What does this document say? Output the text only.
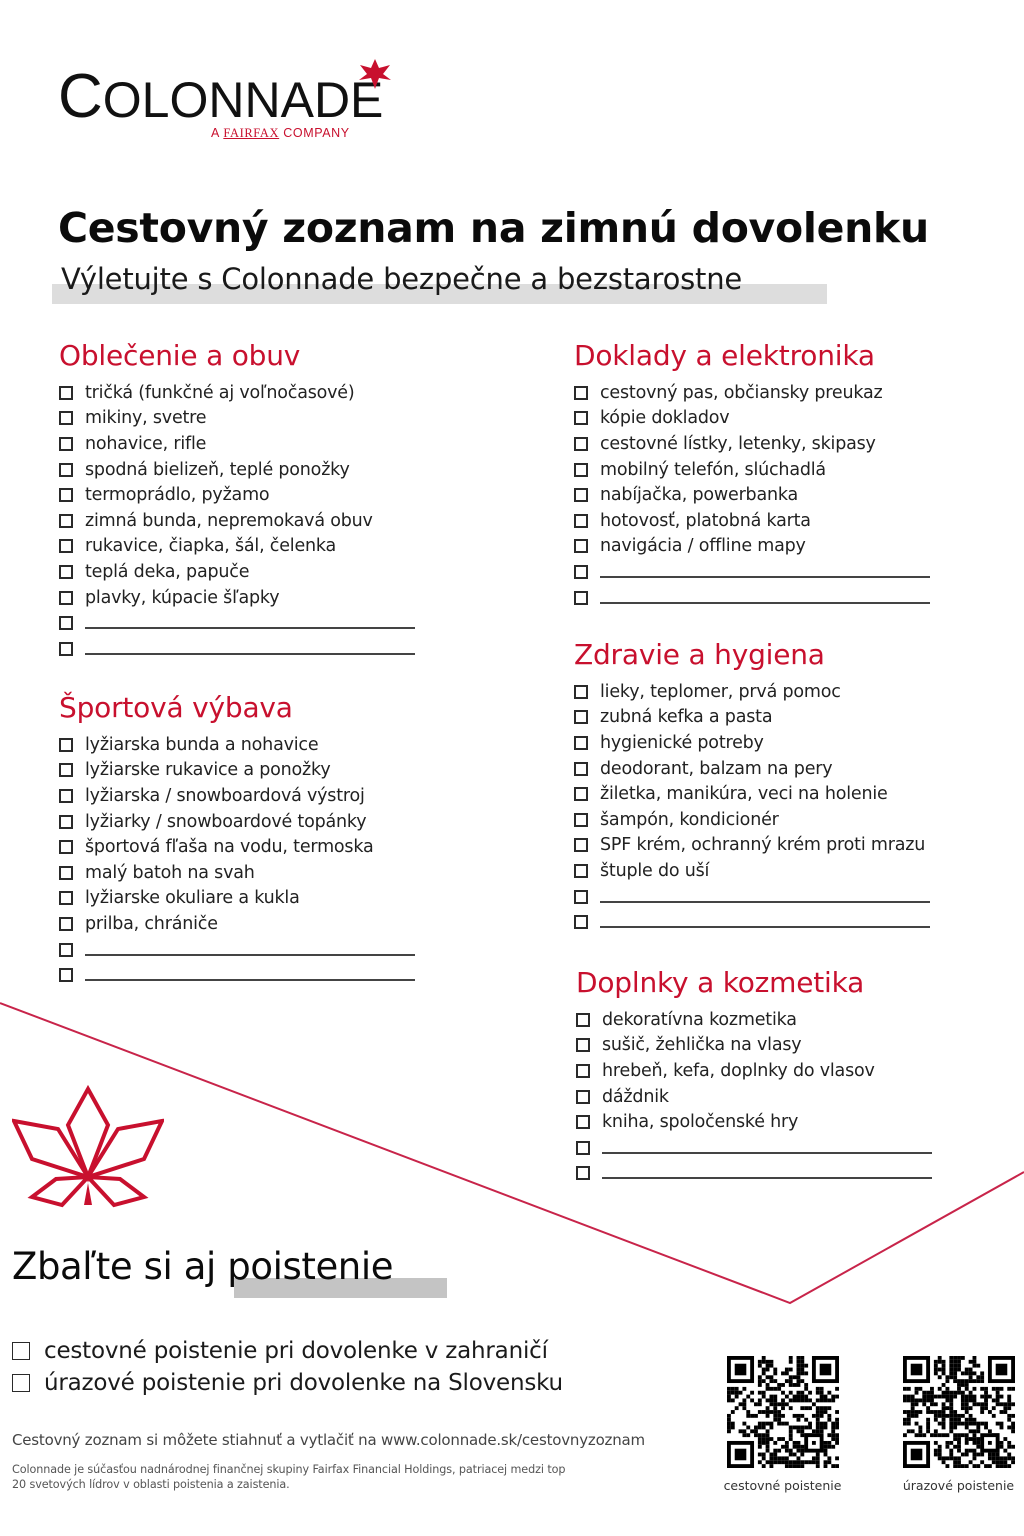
COLONNADE
A FAIRFAX COMPANY
Cestovný zoznam na zimnú dovolenku
Výletujte s Colonnade bezpečne a bezstarostne
Oblečenie a obuv
tričká (funkčné aj voľnočasové)
mikiny, svetre
nohavice, rifle
spodná bielizeň, teplé ponožky
termoprádlo, pyžamo
zimná bunda, nepremokavá obuv
rukavice, čiapka, šál, čelenka
teplá deka, papuče
plavky, kúpacie šľapky
Športová výbava
lyžiarska bunda a nohavice
lyžiarske rukavice a ponožky
lyžiarska / snowboardová výstroj
lyžiarky / snowboardové topánky
športová fľaša na vodu, termoska
malý batoh na svah
lyžiarske okuliare a kukla
prilba, chrániče
Doklady a elektronika
cestovný pas, občiansky preukaz
kópie dokladov
cestovné lístky, letenky, skipasy
mobilný telefón, slúchadlá
nabíjačka, powerbanka
hotovosť, platobná karta
navigácia / offline mapy
Zdravie a hygiena
lieky, teplomer, prvá pomoc
zubná kefka a pasta
hygienické potreby
deodorant, balzam na pery
žiletka, manikúra, veci na holenie
šampón, kondicionér
SPF krém, ochranný krém proti mrazu
štuple do uší
Doplnky a kozmetika
dekoratívna kozmetika
sušič, žehlička na vlasy
hrebeň, kefa, doplnky do vlasov
dáždnik
kniha, spoločenské hry
Zbaľte si aj poistenie
cestovné poistenie pri dovolenke v zahraničí
úrazové poistenie pri dovolenke na Slovensku
Cestovný zoznam si môžete stiahnuť a vytlačiť na www.colonnade.sk/cestovnyzoznam
Colonnade je súčasťou nadnárodnej finančnej skupiny Fairfax Financial Holdings, patriacej medzi top 20 svetových lídrov v oblasti poistenia a zaistenia.	cestovné poistenie	úrazové poistenie
